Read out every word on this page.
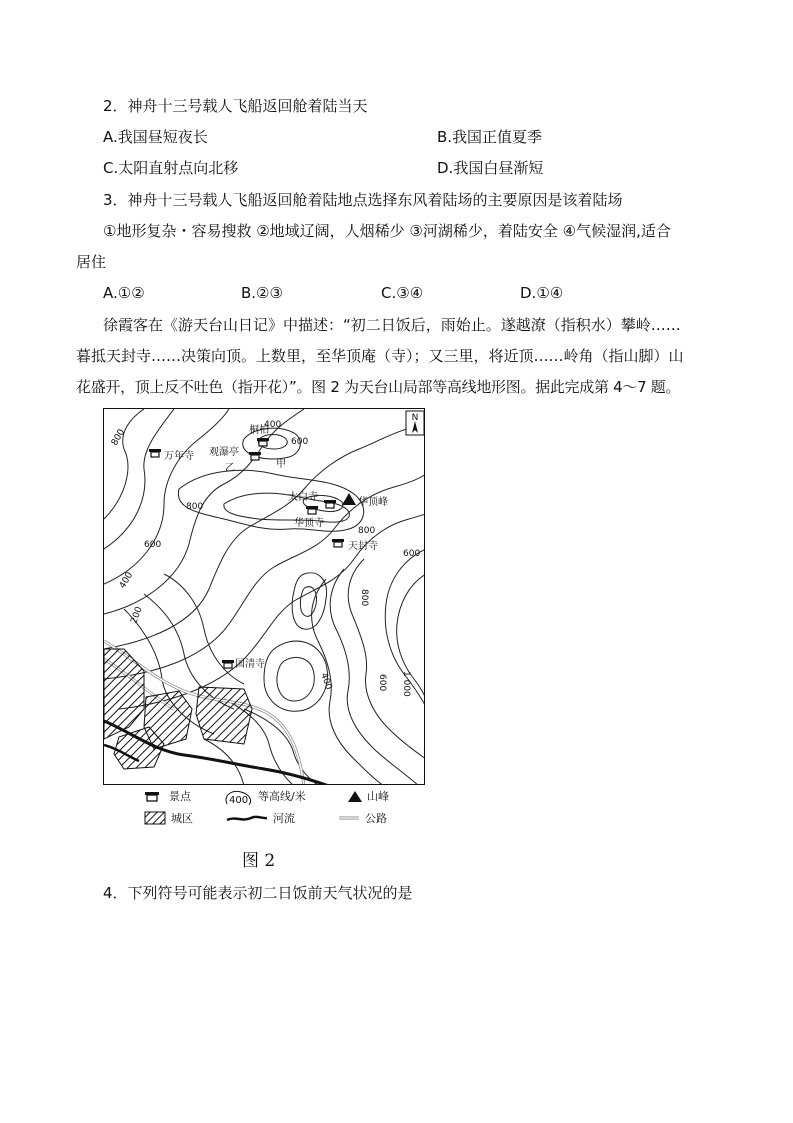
2．神舟十三号载人飞船返回舱着陆当天
A.我国昼短夜长	B.我国正值夏季
C.太阳直射点向北移	D.我国白昼渐短
3．神舟十三号载人飞船返回舱着陆地点选择东风着陆场的主要原因是该着陆场
①地形复杂・容易搜救 ②地域辽阔，人烟稀少 ③河湖稀少，着陆安全 ④气候湿润,适合
居住
A.①②	B.②③	C.③④	D.①④
徐霞客在《游天台山日记》中描述：“初二日饭后，雨始止。遂越潦（指积水）攀岭……
暮抵天封寺……决策向顶。上数里，至华顶庵（寺）；又三里，将近顶……岭角（指山脚）山
花盛开，顶上反不吐色（指开花）”。图 2 为天台山局部等高线地形图。据此完成第 4～7 题。
N
桐柏
观瀑亭
万年寺
乙	甲
太白寺	华顶峰
华顶寺
天封寺
国清寺
800
400
600
800
800
600
600
400
200
800
400	600 1 000
景点	400 等高线/米	山峰
城区	河流	公路
图 2
4．下列符号可能表示初二日饭前天气状况的是
